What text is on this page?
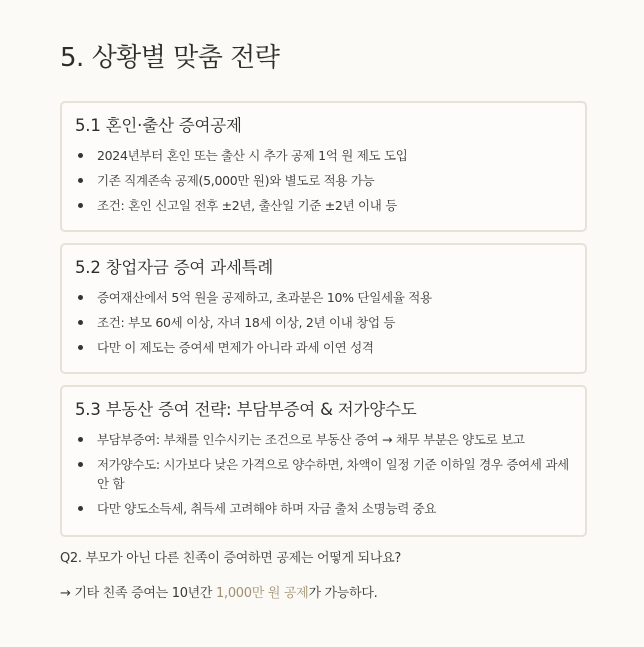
5. 상황별 맞춤 전략
5.1 혼인·출산 증여공제
2024년부터 혼인 또는 출산 시 추가 공제 1억 원 제도 도입
기존 직계존속 공제(5,000만 원)와 별도로 적용 가능
조건: 혼인 신고일 전후 ±2년, 출산일 기준 ±2년 이내 등
5.2 창업자금 증여 과세특례
증여재산에서 5억 원을 공제하고, 초과분은 10% 단일세율 적용
조건: 부모 60세 이상, 자녀 18세 이상, 2년 이내 창업 등
다만 이 제도는 증여세 면제가 아니라 과세 이연 성격
5.3 부동산 증여 전략: 부담부증여 & 저가양수도
부담부증여: 부채를 인수시키는 조건으로 부동산 증여 → 채무 부분은 양도로 보고
저가양수도: 시가보다 낮은 가격으로 양수하면, 차액이 일정 기준 이하일 경우 증여세 과세 안 함
다만 양도소득세, 취득세 고려해야 하며 자금 출처 소명능력 중요
Q2. 부모가 아닌 다른 친족이 증여하면 공제는 어떻게 되나요?
→ 기타 친족 증여는 10년간 1,000만 원 공제가 가능하다.
